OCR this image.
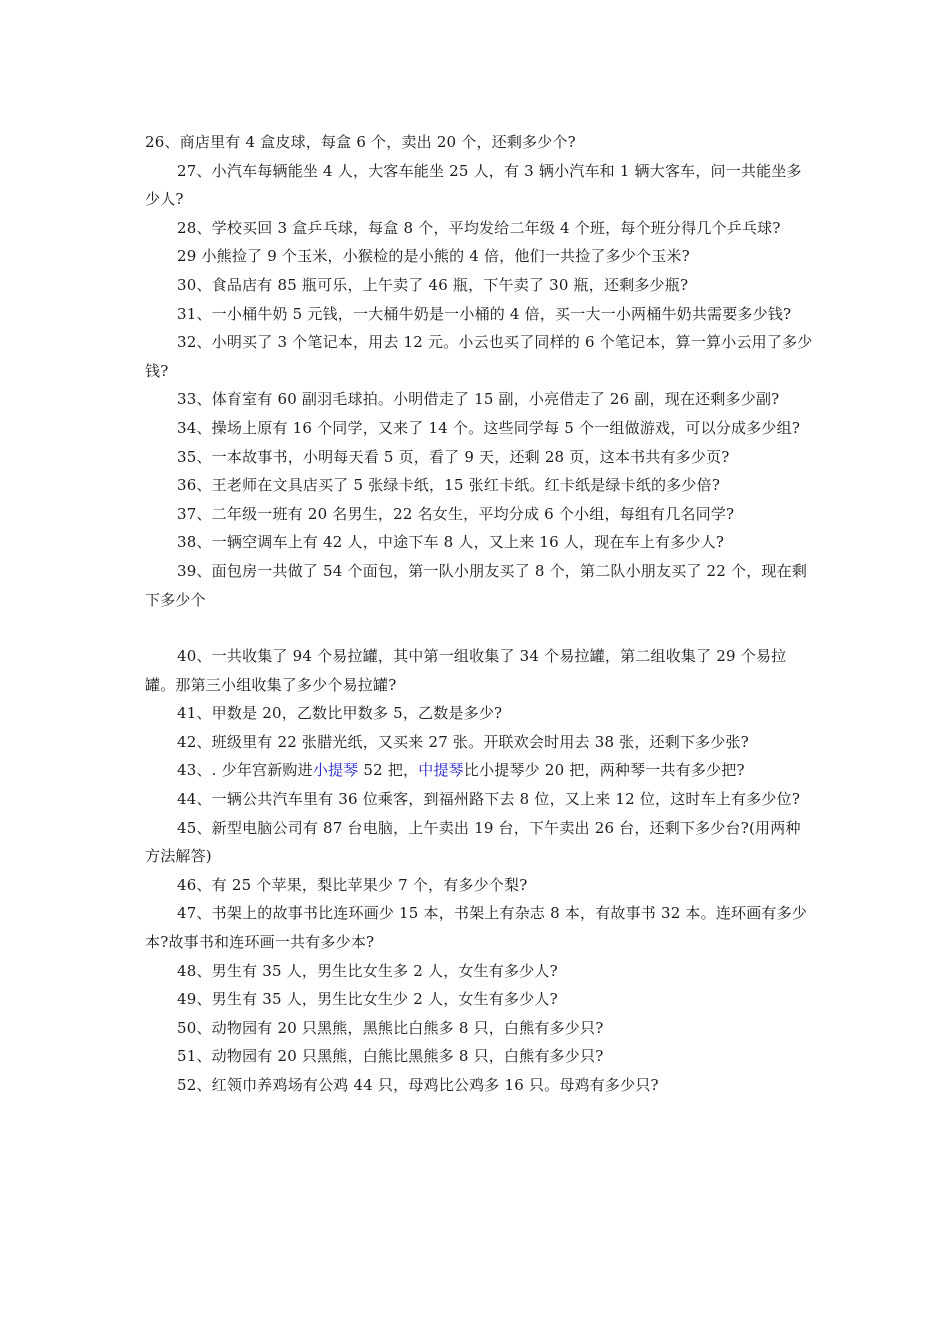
26、商店里有 4 盒皮球，每盒 6 个，卖出 20 个，还剩多少个?

27、小汽车每辆能坐 4 人，大客车能坐 25 人，有 3 辆小汽车和 1 辆大客车，问一共能坐多少人?

28、学校买回 3 盒乒乓球，每盒 8 个，平均发给二年级 4 个班，每个班分得几个乒乓球?

29 小熊捡了 9 个玉米，小猴检的是小熊的 4 倍，他们一共捡了多少个玉米?

30、食品店有 85 瓶可乐，上午卖了 46 瓶，下午卖了 30 瓶，还剩多少瓶?

31、一小桶牛奶 5 元钱，一大桶牛奶是一小桶的 4 倍，买一大一小两桶牛奶共需要多少钱?

32、小明买了 3 个笔记本，用去 12 元。小云也买了同样的 6 个笔记本，算一算小云用了多少钱?

33、体育室有 60 副羽毛球拍。小明借走了 15 副，小亮借走了 26 副，现在还剩多少副?

34、操场上原有 16 个同学，又来了 14 个。这些同学每 5 个一组做游戏，可以分成多少组?

35、一本故事书，小明每天看 5 页，看了 9 天，还剩 28 页，这本书共有多少页?

36、王老师在文具店买了 5 张绿卡纸，15 张红卡纸。红卡纸是绿卡纸的多少倍?

37、二年级一班有 20 名男生，22 名女生，平均分成 6 个小组，每组有几名同学?

38、一辆空调车上有 42 人，中途下车 8 人，又上来 16 人，现在车上有多少人?

39、面包房一共做了 54 个面包，第一队小朋友买了 8 个，第二队小朋友买了 22 个，现在剩下多少个

40、一共收集了 94 个易拉罐，其中第一组收集了 34 个易拉罐，第二组收集了 29 个易拉罐。那第三小组收集了多少个易拉罐?

41、甲数是 20，乙数比甲数多 5，乙数是多少?

42、班级里有 22 张腊光纸，又买来 27 张。开联欢会时用去 38 张，还剩下多少张?

43、. 少年宫新购进小提琴 52 把，中提琴比小提琴少 20 把，两种琴一共有多少把?

44、一辆公共汽车里有 36 位乘客，到福州路下去 8 位，又上来 12 位，这时车上有多少位?

45、新型电脑公司有 87 台电脑，上午卖出 19 台，下午卖出 26 台，还剩下多少台?(用两种方法解答)

46、有 25 个苹果，梨比苹果少 7 个，有多少个梨?

47、书架上的故事书比连环画少 15 本，书架上有杂志 8 本，有故事书 32 本。连环画有多少本?故事书和连环画一共有多少本?

48、男生有 35 人，男生比女生多 2 人，女生有多少人?

49、男生有 35 人，男生比女生少 2 人，女生有多少人?

50、动物园有 20 只黑熊，黑熊比白熊多 8 只，白熊有多少只?

51、动物园有 20 只黑熊，白熊比黑熊多 8 只，白熊有多少只?

52、红领巾养鸡场有公鸡 44 只，母鸡比公鸡多 16 只。母鸡有多少只?
